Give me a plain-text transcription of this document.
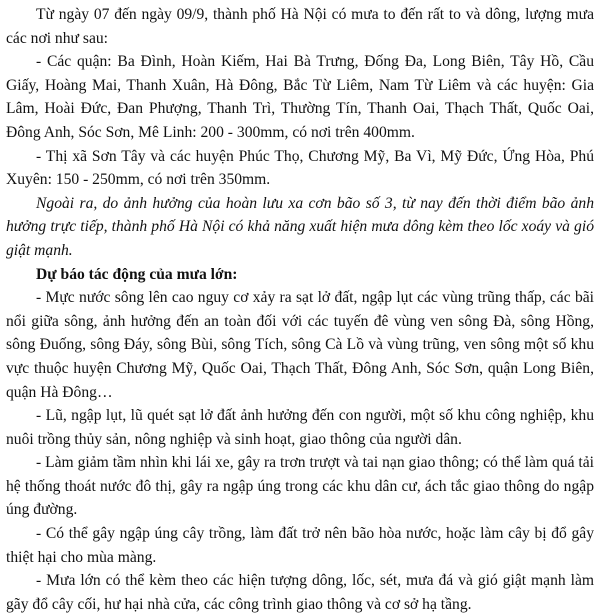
Từ ngày 07 đến ngày 09/9, thành phố Hà Nội có mưa to đến rất to và dông, lượng mưa các nơi như sau:

- Các quận: Ba Đình, Hoàn Kiếm, Hai Bà Trưng, Đống Đa, Long Biên, Tây Hồ, Cầu Giấy, Hoàng Mai, Thanh Xuân, Hà Đông, Bắc Từ Liêm, Nam Từ Liêm và các huyện: Gia Lâm, Hoài Đức, Đan Phượng, Thanh Trì, Thường Tín, Thanh Oai, Thạch Thất, Quốc Oai, Đông Anh, Sóc Sơn, Mê Linh: 200 - 300mm, có nơi trên 400mm.

- Thị xã Sơn Tây và các huyện Phúc Thọ, Chương Mỹ, Ba Vì, Mỹ Đức, Ứng Hòa, Phú Xuyên: 150 - 250mm, có nơi trên 350mm.

Ngoài ra, do ảnh hưởng của hoàn lưu xa cơn bão số 3, từ nay đến thời điểm bão ảnh hưởng trực tiếp, thành phố Hà Nội có khả năng xuất hiện mưa dông kèm theo lốc xoáy và gió giật mạnh.

Dự báo tác động của mưa lớn:

- Mực nước sông lên cao nguy cơ xảy ra sạt lở đất, ngập lụt các vùng trũng thấp, các bãi nổi giữa sông, ảnh hưởng đến an toàn đối với các tuyến đê vùng ven sông Đà, sông Hồng, sông Đuống, sông Đáy, sông Bùi, sông Tích, sông Cà Lồ và vùng trũng, ven sông một số khu vực thuộc huyện Chương Mỹ, Quốc Oai, Thạch Thất, Đông Anh, Sóc Sơn, quận Long Biên, quận Hà Đông…

- Lũ, ngập lụt, lũ quét sạt lở đất ảnh hưởng đến con người, một số khu công nghiệp, khu nuôi trồng thủy sản, nông nghiệp và sinh hoạt, giao thông của người dân.

- Làm giảm tầm nhìn khi lái xe, gây ra trơn trượt và tai nạn giao thông; có thể làm quá tải hệ thống thoát nước đô thị, gây ra ngập úng trong các khu dân cư, ách tắc giao thông do ngập úng đường.

- Có thể gây ngập úng cây trồng, làm đất trở nên bão hòa nước, hoặc làm cây bị đổ gây thiệt hại cho mùa màng.

- Mưa lớn có thể kèm theo các hiện tượng dông, lốc, sét, mưa đá và gió giật mạnh làm gãy đổ cây cối, hư hại nhà cửa, các công trình giao thông và cơ sở hạ tầng.
